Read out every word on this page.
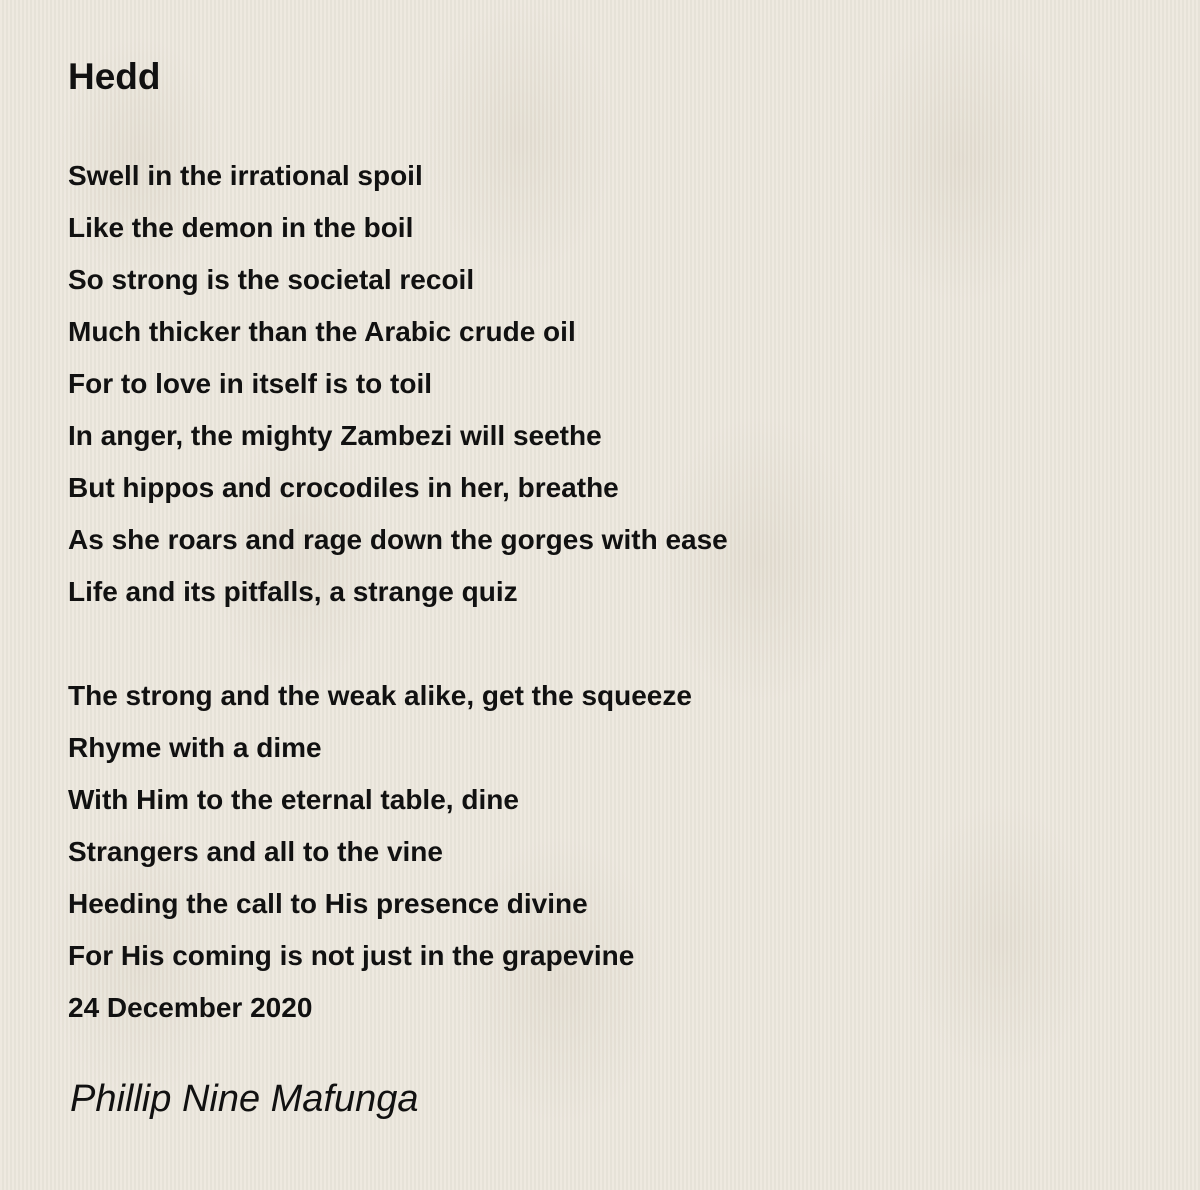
Hedd
Swell in the irrational spoil
Like the demon in the boil
So strong is the societal recoil
Much thicker than the Arabic crude oil
For to love in itself is to toil
In anger, the mighty Zambezi will seethe
But hippos and crocodiles in her, breathe
As she roars and rage down the gorges with ease
Life and its pitfalls, a strange quiz
The strong and the weak alike, get the squeeze
Rhyme with a dime
With Him to the eternal table, dine
Strangers and all to the vine
Heeding the call to His presence divine
For His coming is not just in the grapevine
24 December 2020
Phillip Nine Mafunga
